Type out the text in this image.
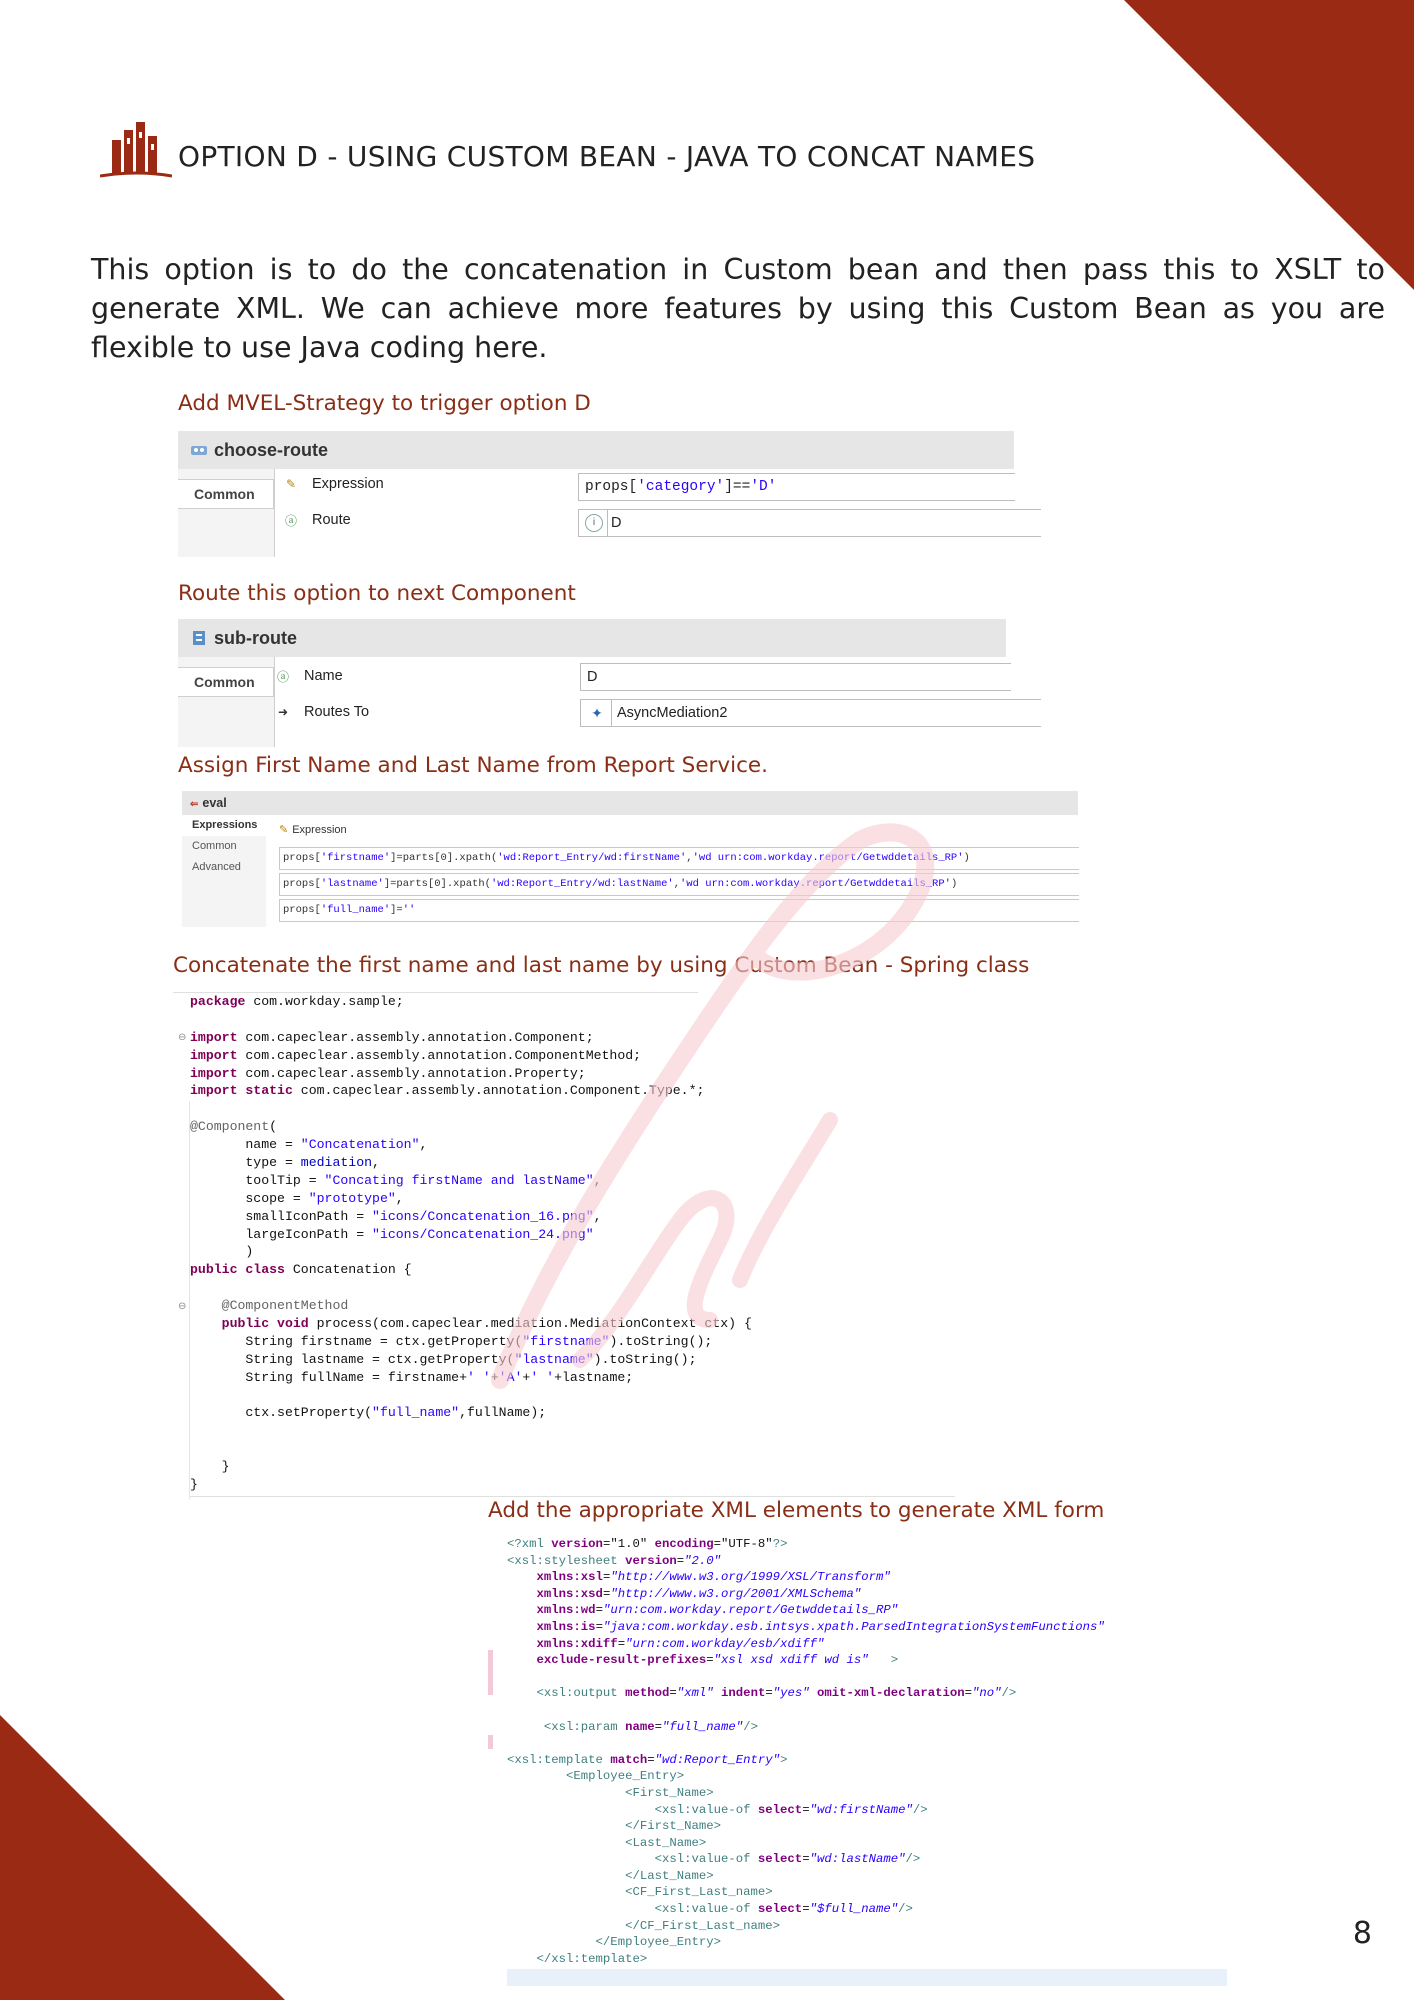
OPTION D - USING CUSTOM BEAN - JAVA TO CONCAT NAMES
This option is to do the concatenation in Custom bean and then pass this to XSLT to generate XML. We can achieve more features by using this Custom Bean as you are flexible to use Java coding here.
Add MVEL-Strategy to trigger option D
choose-route
Common
✎ Expression	props['category']=='D'
ⓐ Route	i	D
Route this option to next Component
sub-route
Common	ⓐ Name	D
➜ Routes To	✦ AsyncMediation2
Assign First Name and Last Name from Report Service.
⇐ eval
Expressions
Common
Advanced
✎ Expression
props['firstname']=parts[0].xpath('wd:Report_Entry/wd:firstName','wd urn:com.workday.report/Getwddetails_RP')
props['lastname']=parts[0].xpath('wd:Report_Entry/wd:lastName','wd urn:com.workday.report/Getwddetails_RP')
props['full_name']=''
Concatenate the first name and last name by using Custom Bean - Spring class
package com.workday.sample;

import com.capeclear.assembly.annotation.Component;
import com.capeclear.assembly.annotation.ComponentMethod;
import com.capeclear.assembly.annotation.Property;
import static com.capeclear.assembly.annotation.Component.Type.*;

@Component(
name = "Concatenation",
type = mediation,
toolTip = "Concating firstName and lastName",
scope = "prototype",
smallIconPath = "icons/Concatenation_16.png",
largeIconPath = "icons/Concatenation_24.png"
)
public class Concatenation {

@ComponentMethod
public void process(com.capeclear.mediation.MediationContext ctx) {
String firstname = ctx.getProperty("firstname").toString();
String lastname = ctx.getProperty("lastname").toString();
String fullName = firstname+' '+'A'+' '+lastname;

ctx.setProperty("full_name",fullName);

}
}
⊖
⊖
Add the appropriate XML elements to generate XML form
<?xml version="1.0" encoding="UTF-8"?>
<xsl:stylesheet version="2.0"
xmlns:xsl="http://www.w3.org/1999/XSL/Transform"
xmlns:xsd="http://www.w3.org/2001/XMLSchema"
xmlns:wd="urn:com.workday.report/Getwddetails_RP"
xmlns:is="java:com.workday.esb.intsys.xpath.ParsedIntegrationSystemFunctions"
xmlns:xdiff="urn:com.workday/esb/xdiff"
exclude-result-prefixes="xsl xsd xdiff wd is"   >

<xsl:output method="xml" indent="yes" omit-xml-declaration="no"/>

<xsl:param name="full_name"/>

<xsl:template match="wd:Report_Entry">
<Employee_Entry>
<First_Name>
<xsl:value-of select="wd:firstName"/>
</First_Name>
<Last_Name>
<xsl:value-of select="wd:lastName"/>
</Last_Name>
<CF_First_Last_name>
<xsl:value-of select="$full_name"/>
</CF_First_Last_name>
</Employee_Entry>
</xsl:template>
8
